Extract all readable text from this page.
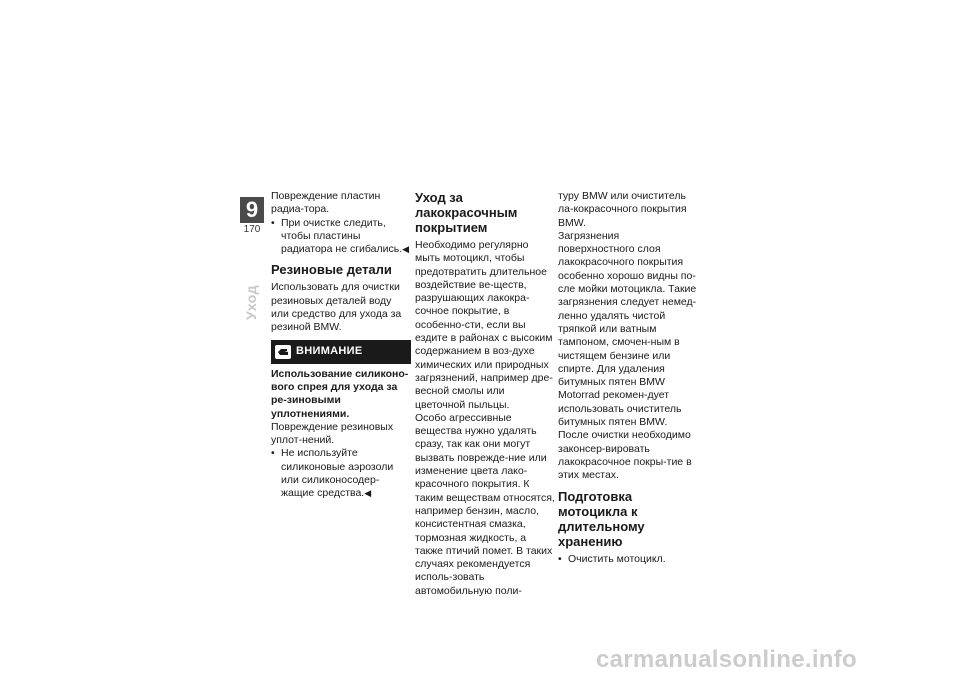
9
170
Уход

Повреждение пластин радиа-тора.

• При очистке следить, чтобы пластины радиатора не сгибались.◀

Резиновые детали

Использовать для очистки резиновых деталей воду или средство для ухода за резиной BMW.

ВНИМАНИЕ

Использование силиконо-вого спрея для ухода за ре-зиновыми уплотнениями.

Повреждение резиновых уплот-нений.

• Не используйте силиконовые аэрозоли или силиконосодер-жащие средства.◀

Уход за лакокрасочным покрытием

Необходимо регулярно мыть мотоцикл, чтобы предотвратить длительное воздействие ве-ществ, разрушающих лакокра-сочное покрытие, в особенно-сти, если вы ездите в районах с высоким содержанием в воз-духе химических или природных загрязнений, например дре-весной смолы или цветочной пыльцы.

Особо агрессивные вещества нужно удалять сразу, так как они могут вызвать поврежде-ние или изменение цвета лако-красочного покрытия. К таким веществам относятся, например бензин, масло, консистентная смазка, тормозная жидкость, а также птичий помет. В таких случаях рекомендуется исполь-зовать автомобильную поли-

туру BMW или очиститель ла-кокрасочного покрытия BMW.

Загрязнения поверхностного слоя лакокрасочного покрытия особенно хорошо видны по-сле мойки мотоцикла. Такие загрязнения следует немед-ленно удалять чистой тряпкой или ватным тампоном, смочен-ным в чистящем бензине или спирте. Для удаления битумных пятен BMW Motorrad рекомен-дует использовать очиститель битумных пятен BMW. После очистки необходимо законсер-вировать лакокрасочное покры-тие в этих местах.

Подготовка мотоцикла к длительному хранению

• Очистить мотоцикл.

carmanualsonline.info
